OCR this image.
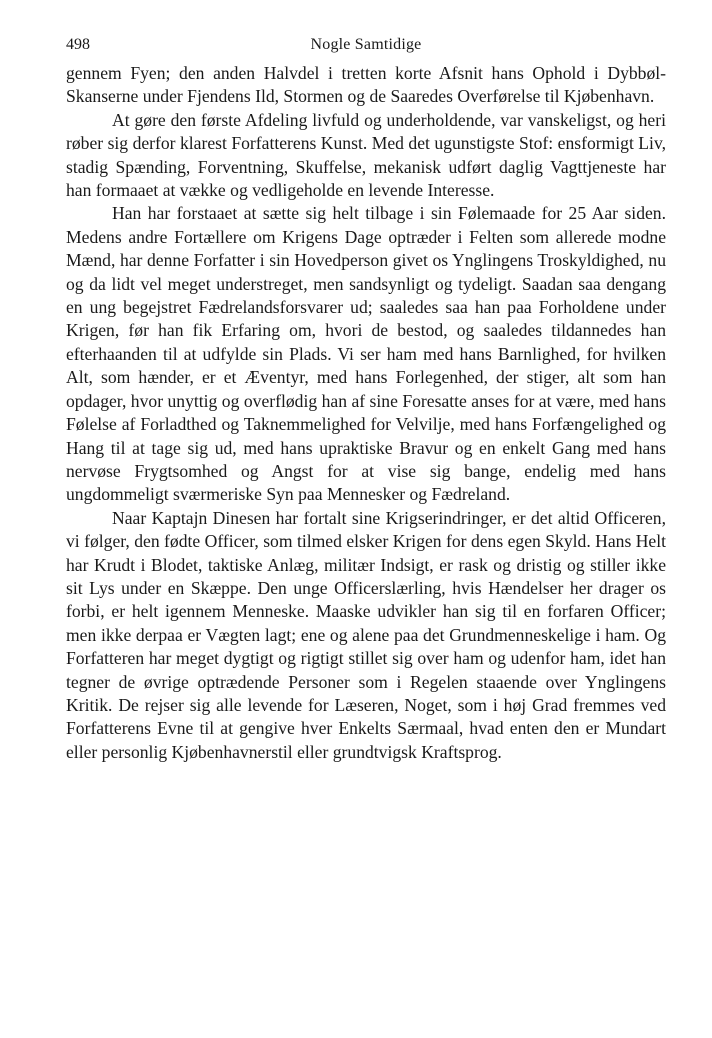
498	Nogle Samtidige

gennem Fyen; den anden Halvdel i tretten korte Afsnit hans Ophold i Dybbøl-Skanserne under Fjendens Ild, Stormen og de Saaredes Overførelse til Kjøbenhavn.

At gøre den første Afdeling livfuld og underholdende, var vanskeligst, og heri røber sig derfor klarest Forfatterens Kunst. Med det ugunstigste Stof: ensformigt Liv, stadig Spænding, Forventning, Skuffelse, mekanisk udført daglig Vagttjeneste har han formaaet at vække og vedligeholde en levende Interesse.

Han har forstaaet at sætte sig helt tilbage i sin Følemaade for 25 Aar siden. Medens andre Fortællere om Krigens Dage optræder i Felten som allerede modne Mænd, har denne Forfatter i sin Hovedperson givet os Ynglingens Troskyldighed, nu og da lidt vel meget understreget, men sandsynligt og tydeligt. Saadan saa dengang en ung begejstret Fædrelandsforsvarer ud; saaledes saa han paa Forholdene under Krigen, før han fik Erfaring om, hvori de bestod, og saaledes tildannedes han efterhaanden til at udfylde sin Plads. Vi ser ham med hans Barnlighed, for hvilken Alt, som hænder, er et Æventyr, med hans Forlegenhed, der stiger, alt som han opdager, hvor unyttig og overflødig han af sine Foresatte anses for at være, med hans Følelse af Forladthed og Taknemmelighed for Velvilje, med hans Forfængelighed og Hang til at tage sig ud, med hans upraktiske Bravur og en enkelt Gang med hans nervøse Frygtsomhed og Angst for at vise sig bange, endelig med hans ungdommeligt sværmeriske Syn paa Mennesker og Fædreland.

Naar Kaptajn Dinesen har fortalt sine Krigserindringer, er det altid Officeren, vi følger, den fødte Officer, som tilmed elsker Krigen for dens egen Skyld. Hans Helt har Krudt i Blodet, taktiske Anlæg, militær Indsigt, er rask og dristig og stiller ikke sit Lys under en Skæppe. Den unge Officerslærling, hvis Hændelser her drager os forbi, er helt igennem Menneske. Maaske udvikler han sig til en forfaren Officer; men ikke derpaa er Vægten lagt; ene og alene paa det Grundmenneskelige i ham. Og Forfatteren har meget dygtigt og rigtigt stillet sig over ham og udenfor ham, idet han tegner de øvrige optrædende Personer som i Regelen staaende over Ynglingens Kritik. De rejser sig alle levende for Læseren, Noget, som i høj Grad fremmes ved Forfatterens Evne til at gengive hver Enkelts Særmaal, hvad enten den er Mundart eller personlig Kjøbenhavnerstil eller grundtvigsk Kraftsprog.
